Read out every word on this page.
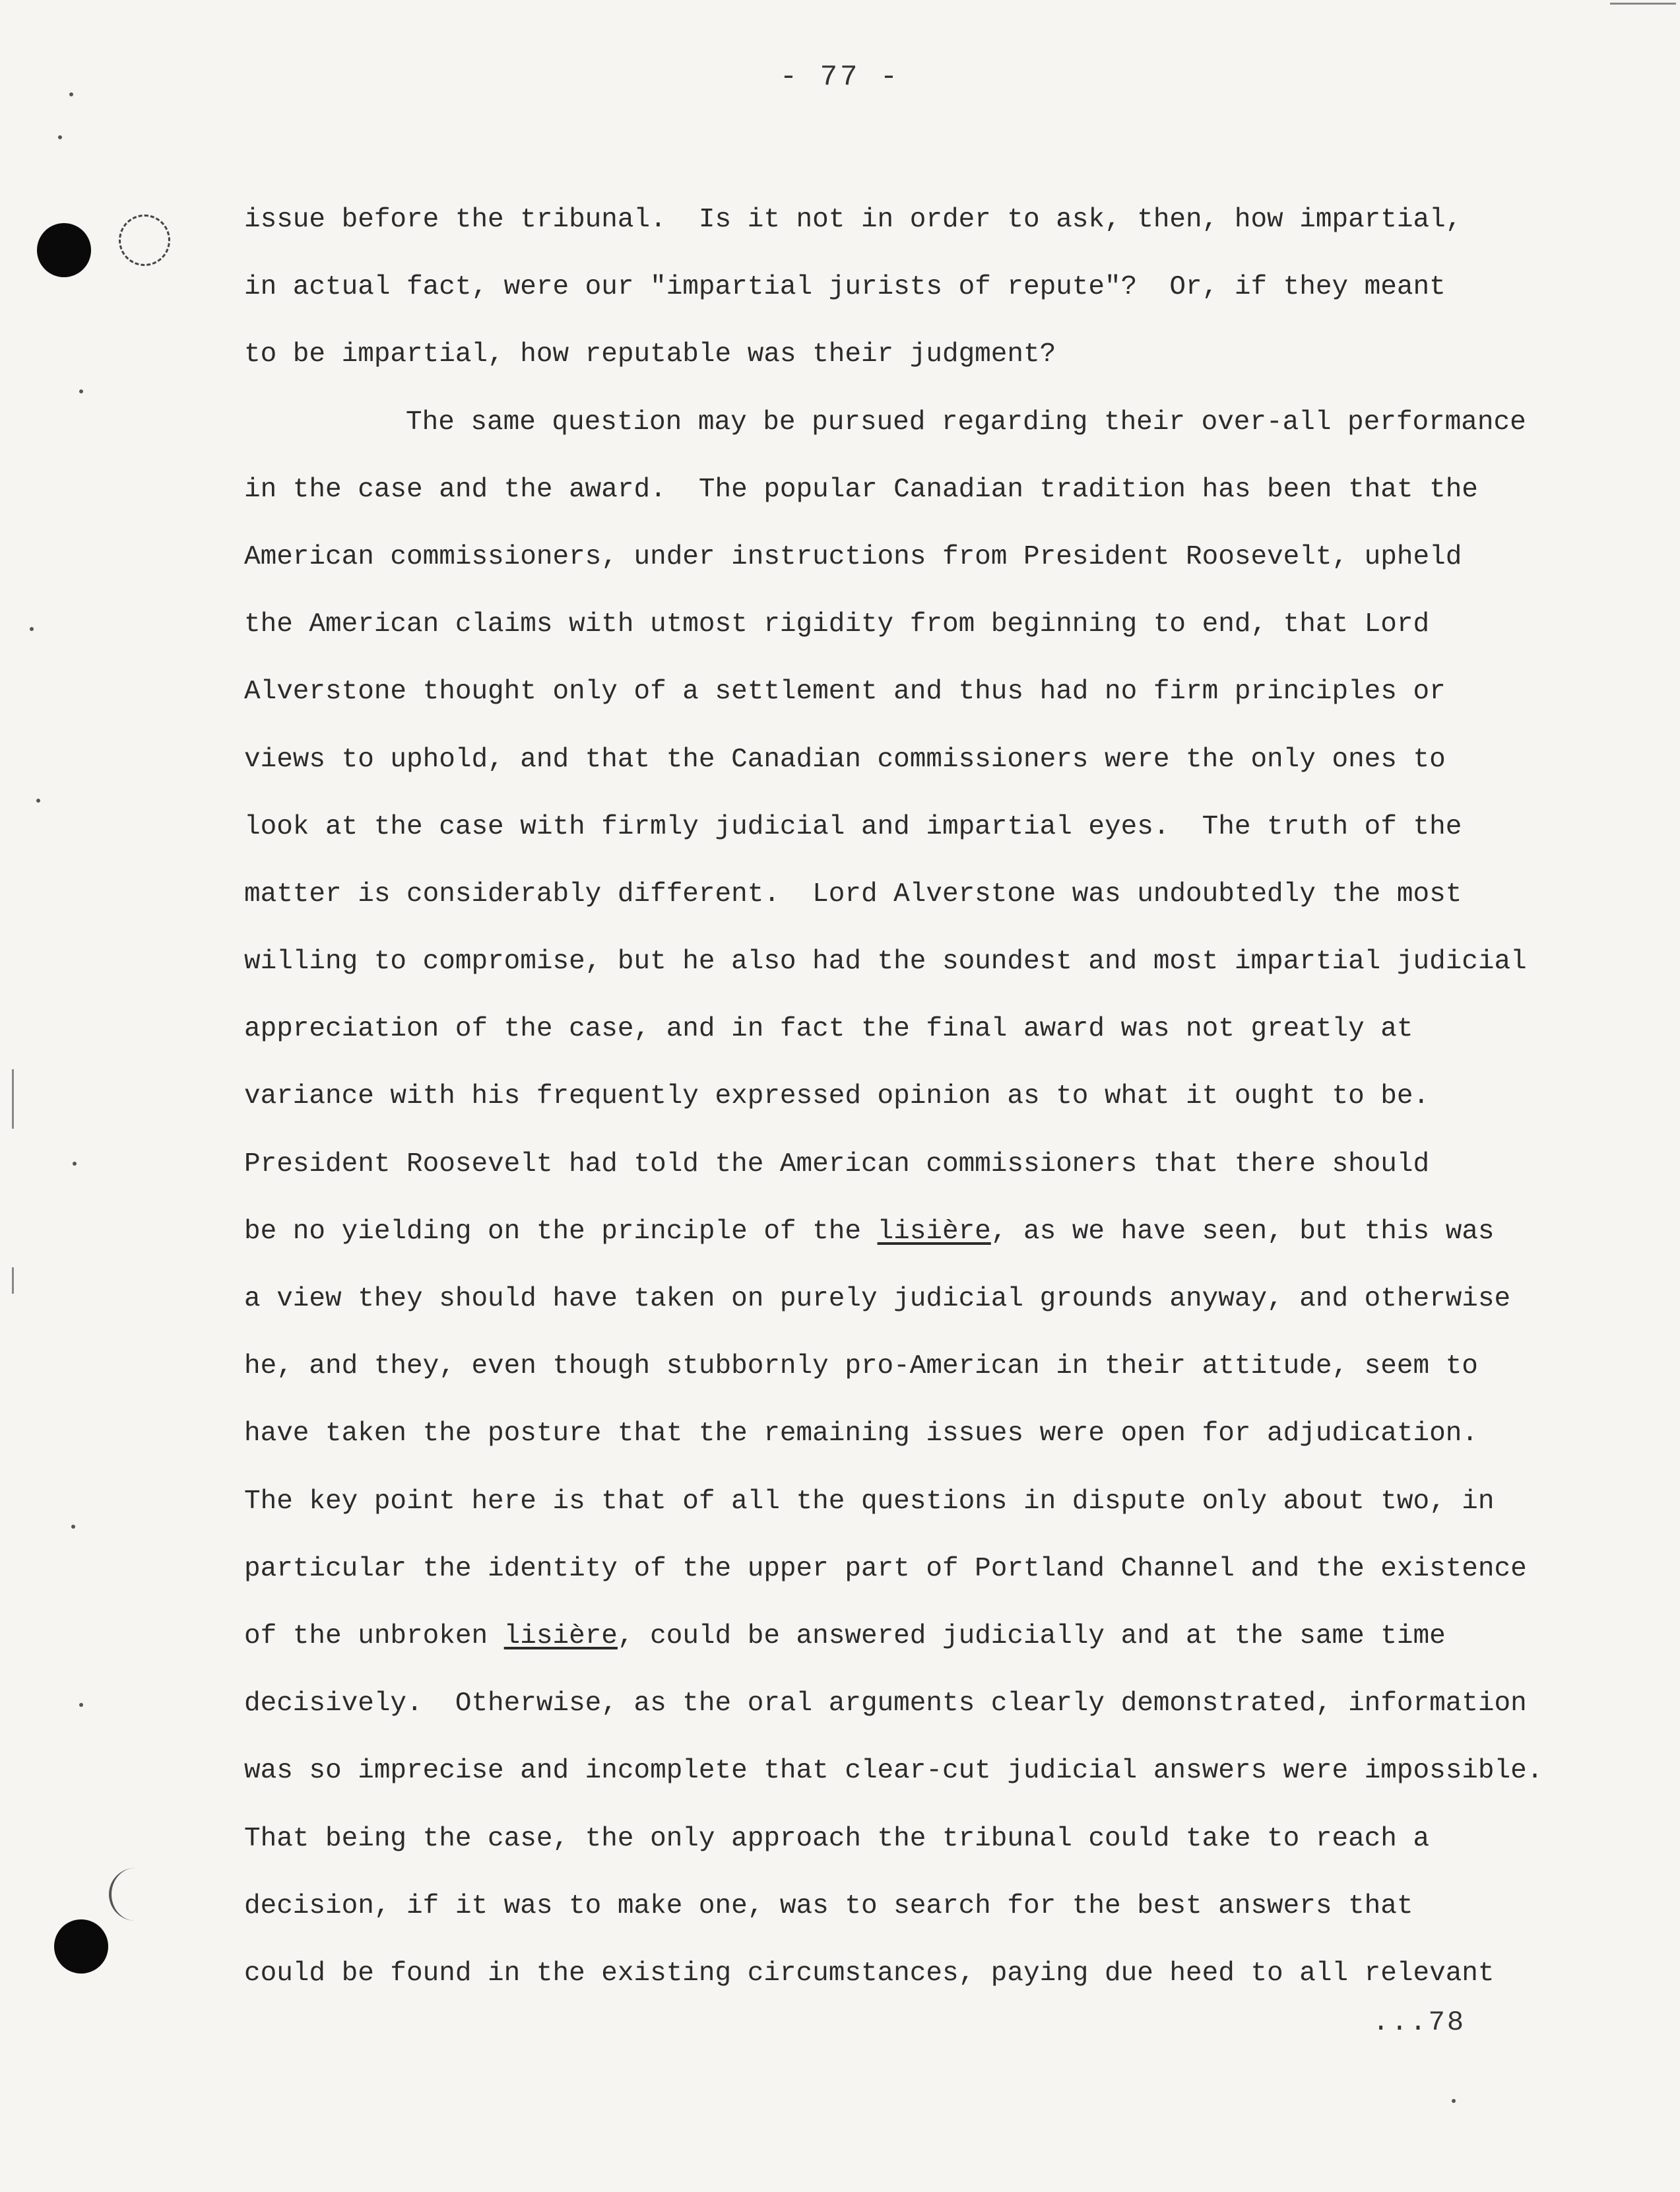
- 77 -
issue before the tribunal.  Is it not in order to ask, then, how impartial,
in actual fact, were our "impartial jurists of repute"?  Or, if they meant
to be impartial, how reputable was their judgment?
The same question may be pursued regarding their over-all performance
in the case and the award.  The popular Canadian tradition has been that the
American commissioners, under instructions from President Roosevelt, upheld
the American claims with utmost rigidity from beginning to end, that Lord
Alverstone thought only of a settlement and thus had no firm principles or
views to uphold, and that the Canadian commissioners were the only ones to
look at the case with firmly judicial and impartial eyes.  The truth of the
matter is considerably different.  Lord Alverstone was undoubtedly the most
willing to compromise, but he also had the soundest and most impartial judicial
appreciation of the case, and in fact the final award was not greatly at
variance with his frequently expressed opinion as to what it ought to be.
President Roosevelt had told the American commissioners that there should
be no yielding on the principle of the lisière, as we have seen, but this was
a view they should have taken on purely judicial grounds anyway, and otherwise
he, and they, even though stubbornly pro-American in their attitude, seem to
have taken the posture that the remaining issues were open for adjudication.
The key point here is that of all the questions in dispute only about two, in
particular the identity of the upper part of Portland Channel and the existence
of the unbroken lisière, could be answered judicially and at the same time
decisively.  Otherwise, as the oral arguments clearly demonstrated, information
was so imprecise and incomplete that clear-cut judicial answers were impossible.
That being the case, the only approach the tribunal could take to reach a
decision, if it was to make one, was to search for the best answers that
could be found in the existing circumstances, paying due heed to all relevant
...78
